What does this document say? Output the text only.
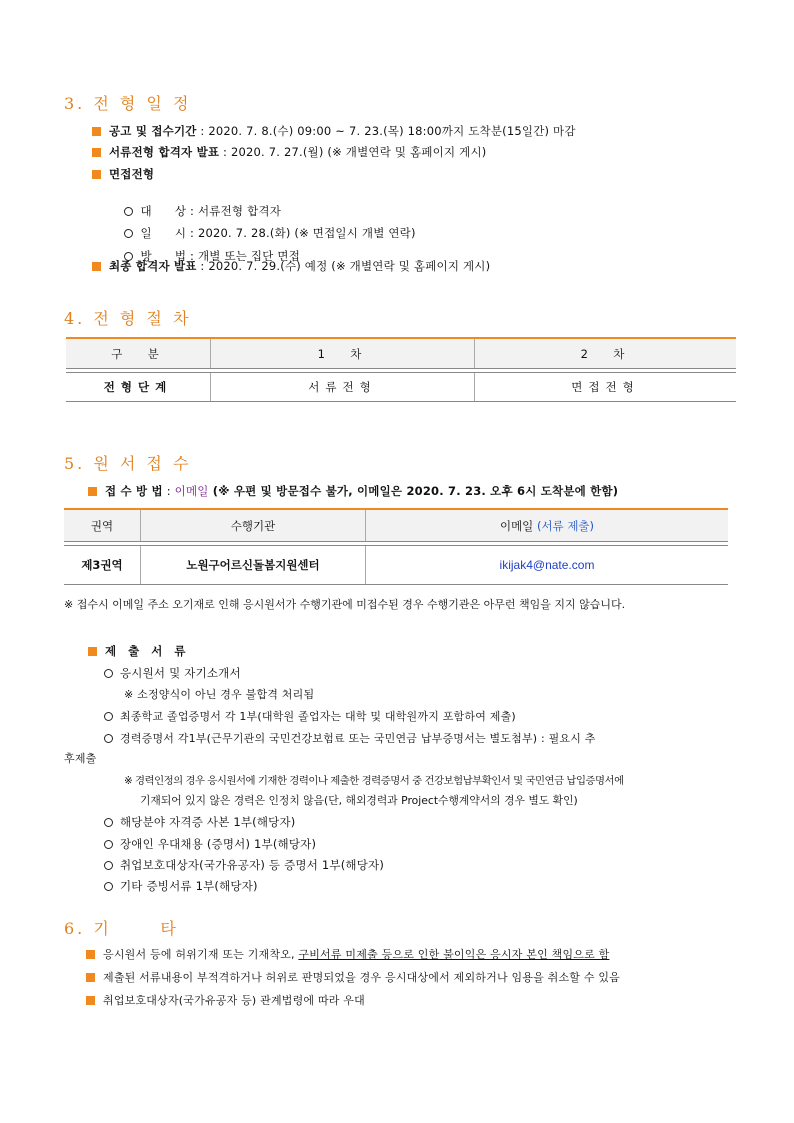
3. 전 형 일 정
공고 및 접수기간 : 2020. 7. 8.(수) 09:00 ~ 7. 23.(목) 18:00까지 도착분(15일간) 마감
서류전형 합격자 발표 : 2020. 7. 27.(월) (※ 개별연락 및 홈페이지 게시)
면접전형

대      상 : 서류전형 합격자

일      시 : 2020. 7. 28.(화) (※ 면접일시 개별 연락)

방      법 : 개별 또는 집단 면접

최종 합격자 발표 : 2020. 7. 29.(수) 예정 (※ 개별연락 및 홈페이지 게시)
4. 전 형 절 차
구  분	1  차	2  차
전형단계	서류전형	면접전형
5. 원 서 접 수
접 수 방 법 : 이메일 (※ 우편 및 방문접수 불가, 이메일은 2020. 7. 23. 오후 6시 도착분에 한함)
권역	수행기관	이메일 (서류 제출)
제3권역	노원구어르신돌봄지원센터	ikijak4@nate.com
※ 접수시 이메일 주소 오기재로 인해 응시원서가 수행기관에 미접수된 경우 수행기관은 아무런 책임을 지지 않습니다.
제 출 서 류
응시원서 및 자기소개서
※ 소정양식이 아닌 경우 불합격 처리됨
최종학교 졸업증명서 각 1부(대학원 졸업자는 대학 및 대학원까지 포함하여 제출)
경력증명서 각1부(근무기관의 국민건강보험료 또는 국민연금 납부증명서는 별도첨부) : 필요시 추
후제출
※ 경력인정의 경우 응시원서에 기재한 경력이나 제출한 경력증명서 중 건강보험납부확인서 및 국민연금 납입증명서에
기재되어 있지 않은 경력은 인정치 않음(단, 해외경력과 Project수행계약서의 경우 별도 확인)
해당분야 자격증 사본 1부(해당자)
장애인 우대채용 (증명서) 1부(해당자)
취업보호대상자(국가유공자) 등 증명서 1부(해당자)
기타 증빙서류 1부(해당자)
6. 기      타
응시원서 등에 허위기재 또는 기재착오, 구비서류 미제출 등으로 인한 불이익은 응시자 본인 책임으로 함
제출된 서류내용이 부적격하거나 허위로 판명되었을 경우 응시대상에서 제외하거나 임용을 취소할 수 있음
취업보호대상자(국가유공자 등) 관계법령에 따라 우대
